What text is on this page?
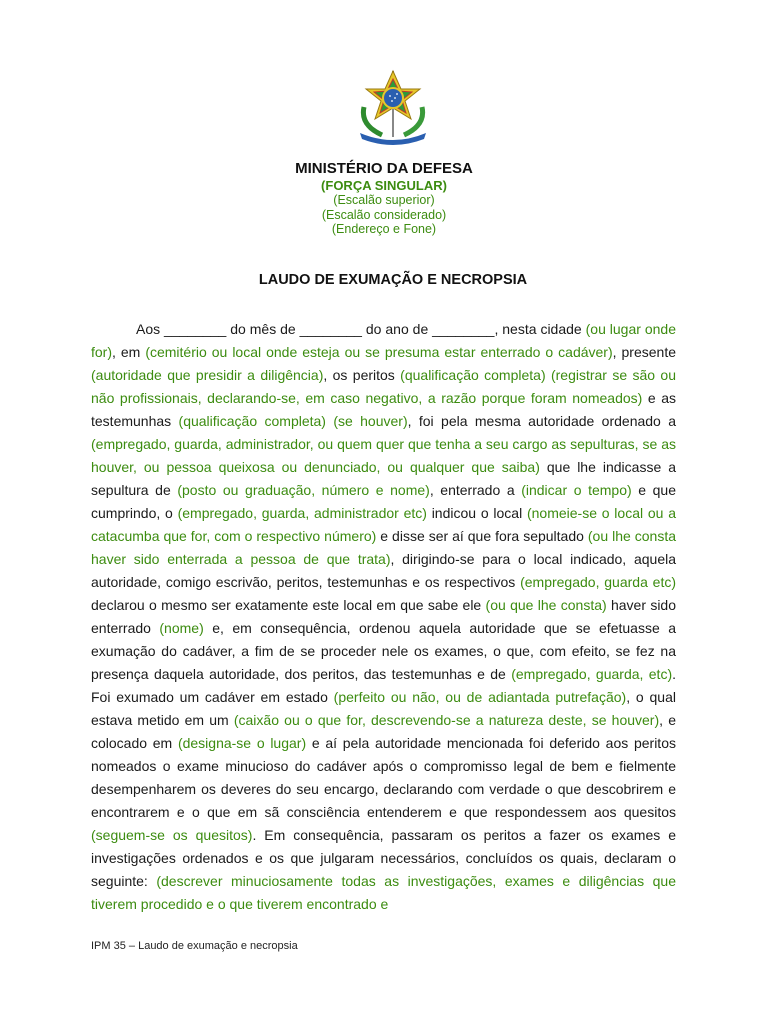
MINISTÉRIO DA DEFESA
(FORÇA SINGULAR)
(Escalão superior)
(Escalão considerado)
(Endereço e Fone)
LAUDO DE EXUMAÇÃO E NECROPSIA
Aos ________ do mês de ________ do ano de ________, nesta cidade (ou lugar onde for), em (cemitério ou local onde esteja ou se presuma estar enterrado o cadáver), presente (autoridade que presidir a diligência), os peritos (qualificação completa) (registrar se são ou não profissionais, declarando-se, em caso negativo, a razão porque foram nomeados) e as testemunhas (qualificação completa) (se houver), foi pela mesma autoridade ordenado a (empregado, guarda, administrador, ou quem quer que tenha a seu cargo as sepulturas, se as houver, ou pessoa queixosa ou denunciado, ou qualquer que saiba) que lhe indicasse a sepultura de (posto ou graduação, número e nome), enterrado a (indicar o tempo) e que cumprindo, o (empregado, guarda, administrador etc) indicou o local (nomeie-se o local ou a catacumba que for, com o respectivo número) e disse ser aí que fora sepultado (ou lhe consta haver sido enterrada a pessoa de que trata), dirigindo-se para o local indicado, aquela autoridade, comigo escrivão, peritos, testemunhas e os respectivos (empregado, guarda etc) declarou o mesmo ser exatamente este local em que sabe ele (ou que lhe consta) haver sido enterrado (nome) e, em consequência, ordenou aquela autoridade que se efetuasse a exumação do cadáver, a fim de se proceder nele os exames, o que, com efeito, se fez na presença daquela autoridade, dos peritos, das testemunhas e de (empregado, guarda, etc). Foi exumado um cadáver em estado (perfeito ou não, ou de adiantada putrefação), o qual estava metido em um (caixão ou o que for, descrevendo-se a natureza deste, se houver), e colocado em (designa-se o lugar) e aí pela autoridade mencionada foi deferido aos peritos nomeados o exame minucioso do cadáver após o compromisso legal de bem e fielmente desempenharem os deveres do seu encargo, declarando com verdade o que descobrirem e encontrarem e o que em sã consciência entenderem e que respondessem aos quesitos (seguem-se os quesitos). Em consequência, passaram os peritos a fazer os exames e investigações ordenados e os que julgaram necessários, concluídos os quais, declaram o seguinte: (descrever minuciosamente todas as investigações, exames e diligências que tiverem procedido e o que tiverem encontrado e
IPM 35 – Laudo de exumação e necropsia
